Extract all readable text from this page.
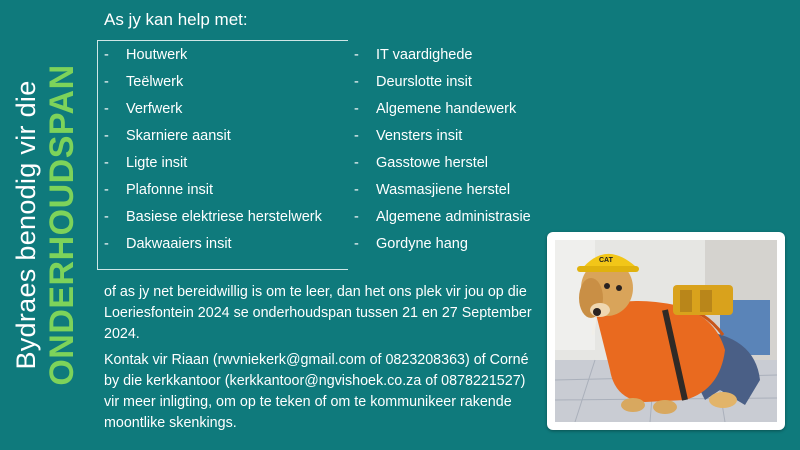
Bydraes benodig vir die ONDERHOUDSPAN

As jy kan help met:

- Houtwerk
- Teëlwerk
- Verfwerk
- Skarniere aansit
- Ligte insit
- Plafonne insit
- Basiese elektriese herstelwerk
- Dakwaaiers insit
- IT vaardighede
- Deurslotte insit
- Algemene handewerk
- Vensters insit
- Gasstowe herstel
- Wasmasjiene herstel
- Algemene administrasie
- Gordyne hang

of as jy net bereidwillig is om te leer, dan het ons plek vir jou op die Loeriesfontein 2024 se onderhoudspan tussen 21 en 27 September 2024.

Kontak vir Riaan (rwvniekerk@gmail.com of 0823208363) of Corné by die kerkkantoor (kerkkantoor@ngvishoek.co.za of 0878221527) vir meer inligting, om op te teken of om te kommunikeer rakende moontlike skenkings.

CAT
